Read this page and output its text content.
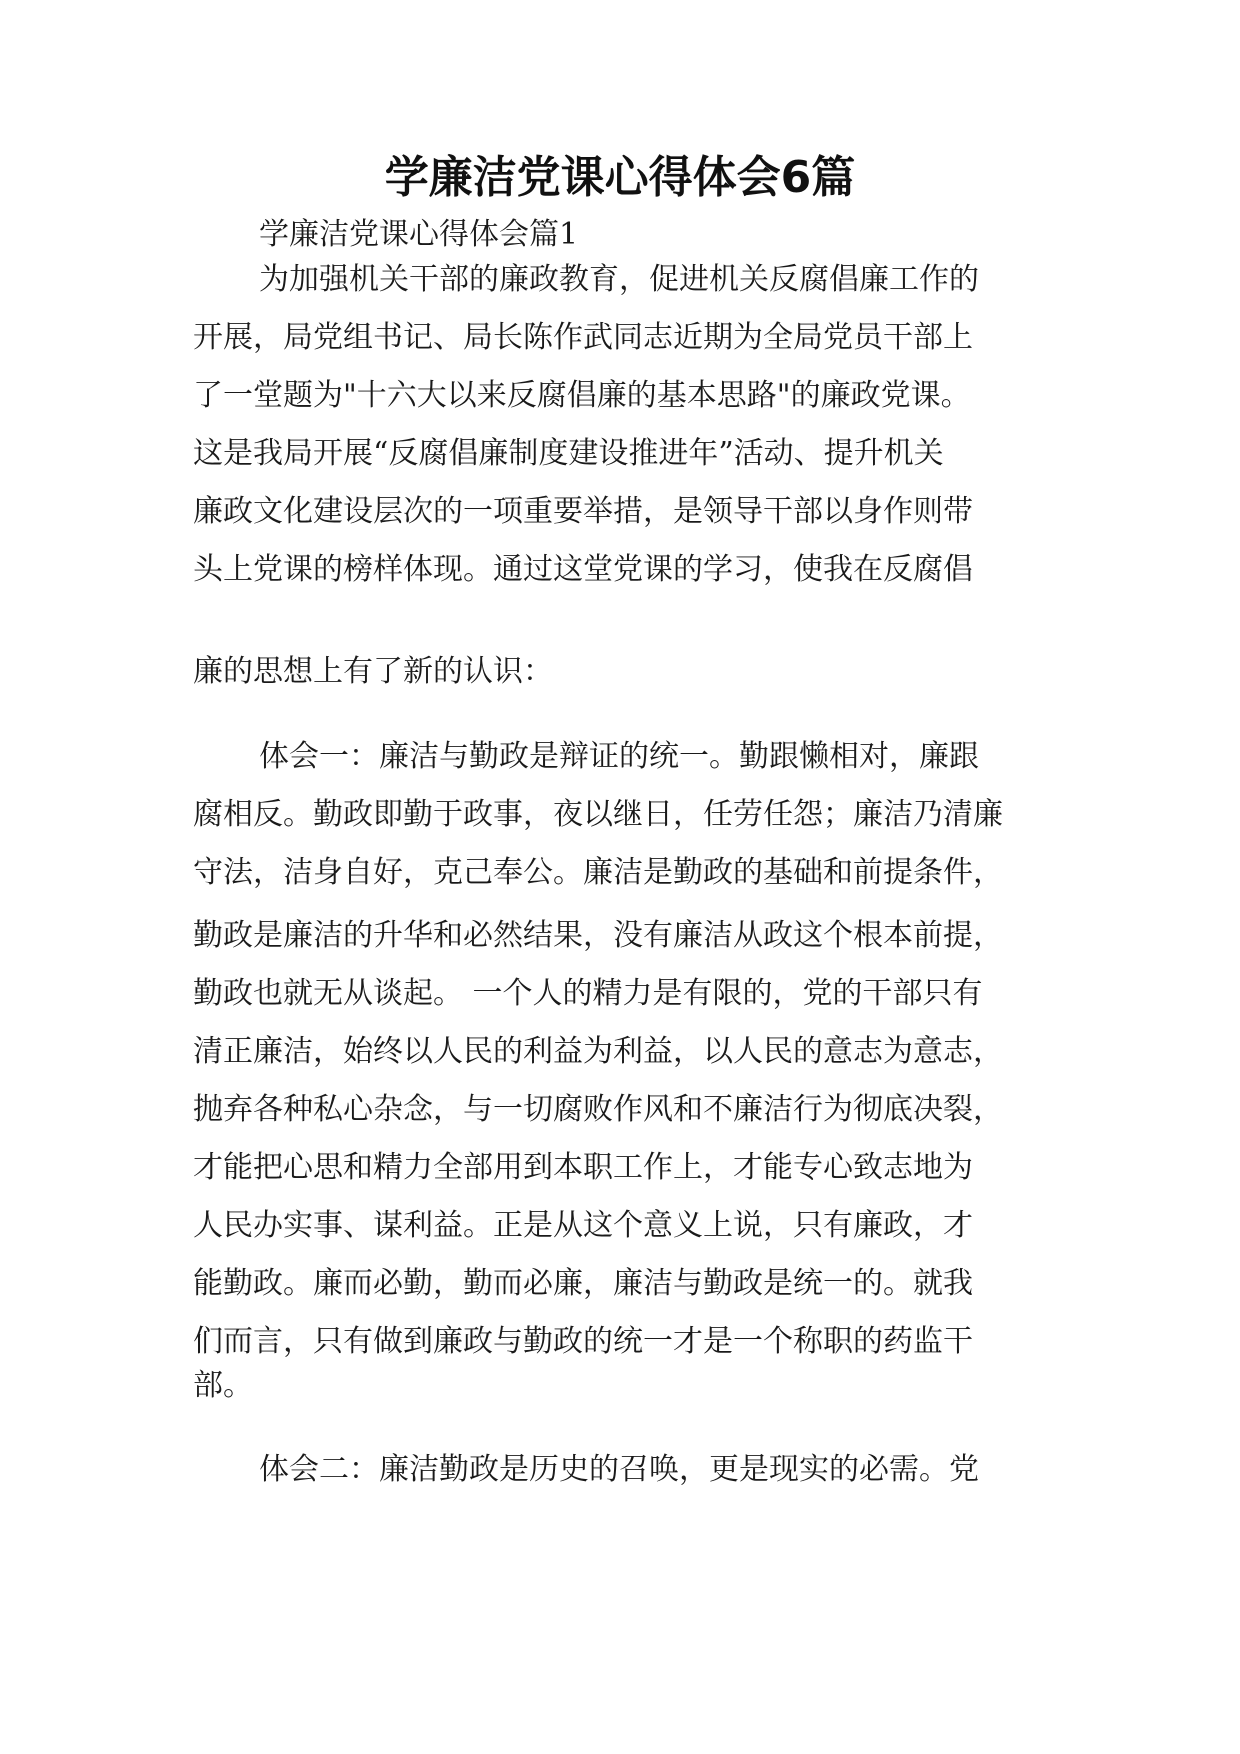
学廉洁党课心得体会6篇

学廉洁党课心得体会篇1

为加强机关干部的廉政教育，促进机关反腐倡廉工作的
开展，局党组书记、局长陈作武同志近期为全局党员干部上
了一堂题为"十六大以来反腐倡廉的基本思路"的廉政党课。
这是我局开展“反腐倡廉制度建设推进年”活动、提升机关
廉政文化建设层次的一项重要举措，是领导干部以身作则带
头上党课的榜样体现。通过这堂党课的学习，使我在反腐倡

廉的思想上有了新的认识：

体会一：廉洁与勤政是辩证的统一。勤跟懒相对，廉跟
腐相反。勤政即勤于政事，夜以继日，任劳任怨；廉洁乃清廉

守法，洁身自好，克己奉公。廉洁是勤政的基础和前提条件，

勤政是廉洁的升华和必然结果，没有廉洁从政这个根本前提，
勤政也就无从谈起。 一个人的精力是有限的，党的干部只有
清正廉洁，始终以人民的利益为利益，以人民的意志为意志，
抛弃各种私心杂念，与一切腐败作风和不廉洁行为彻底决裂，
才能把心思和精力全部用到本职工作上，才能专心致志地为
人民办实事、谋利益。正是从这个意义上说，只有廉政，才
能勤政。廉而必勤，勤而必廉，廉洁与勤政是统一的。就我
们而言，只有做到廉政与勤政的统一才是一个称职的药监干

部。

体会二：廉洁勤政是历史的召唤，更是现实的必需。党
